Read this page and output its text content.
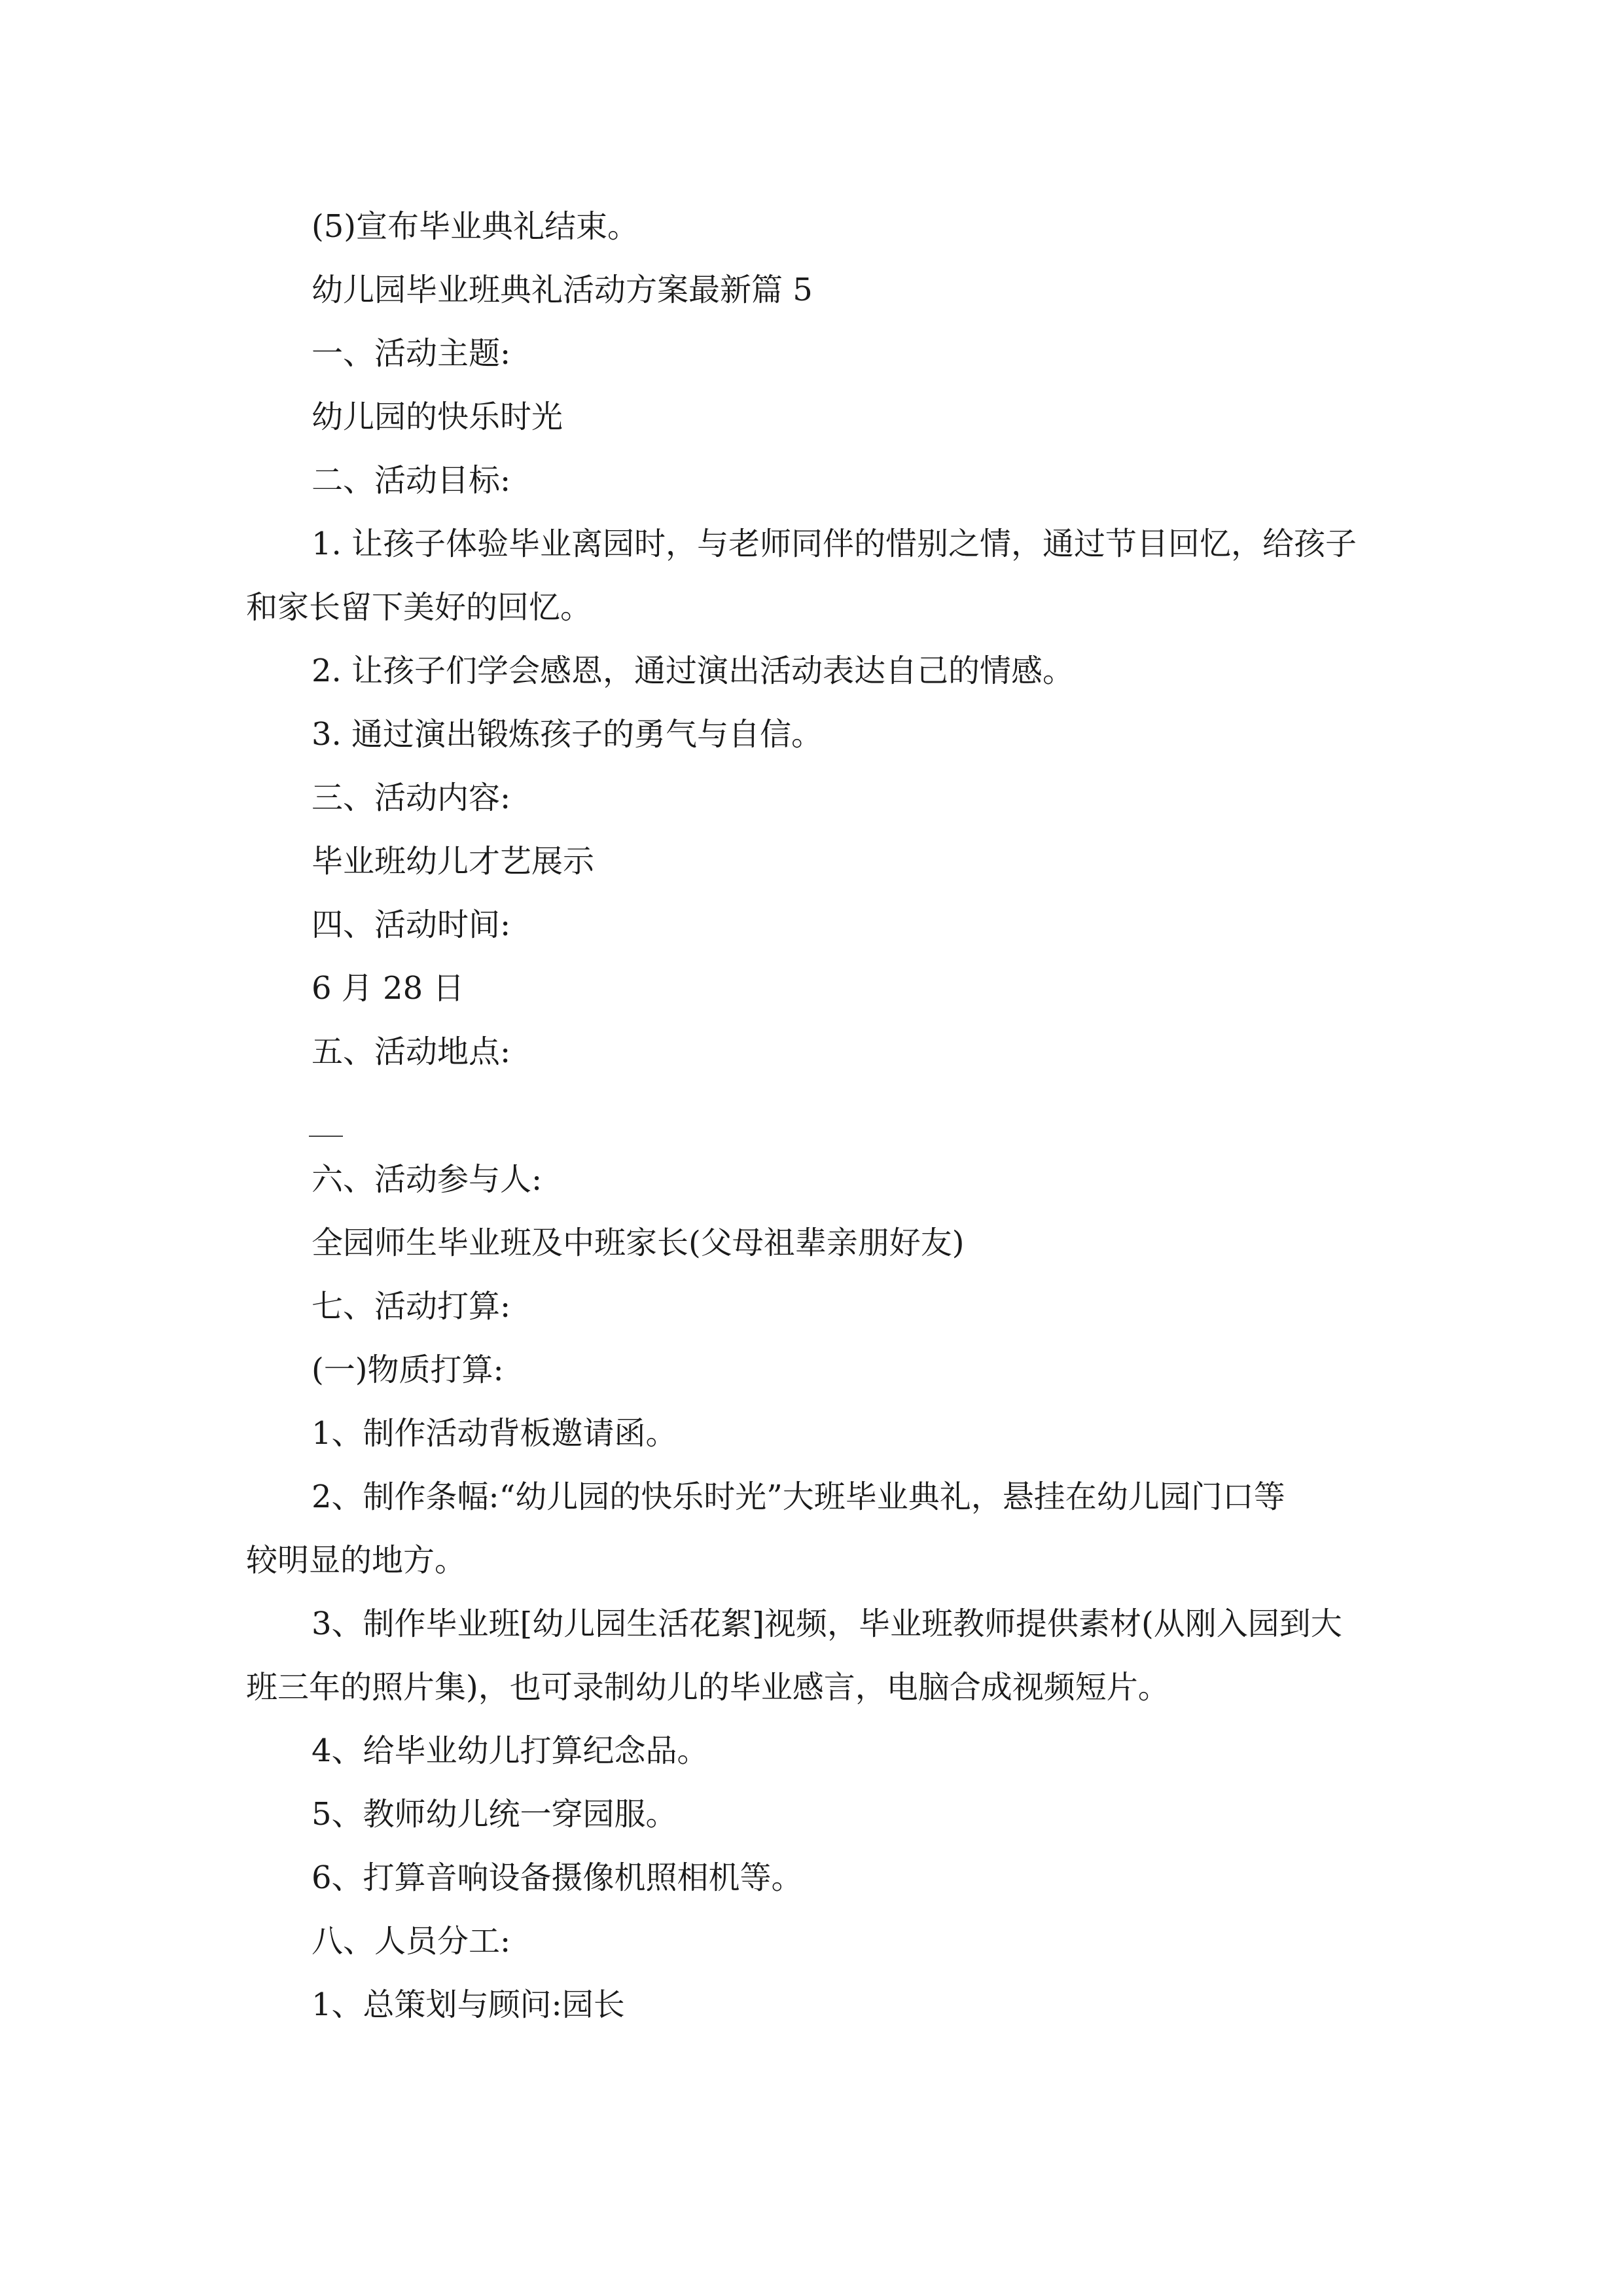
(5)宣布毕业典礼结束。

幼儿园毕业班典礼活动方案最新篇 5

一、活动主题:

幼儿园的快乐时光

二、活动目标:

1. 让孩子体验毕业离园时，与老师同伴的惜别之情，通过节目回忆，给孩子

和家长留下美好的回忆。

2. 让孩子们学会感恩，通过演出活动表达自己的情感。

3. 通过演出锻炼孩子的勇气与自信。

三、活动内容:

毕业班幼儿才艺展示

四、活动时间:

6 月 28 日

五、活动地点:

六、活动参与人:

全园师生毕业班及中班家长(父母祖辈亲朋好友)

七、活动打算:

(一)物质打算:

1、制作活动背板邀请函。

2、制作条幅:“幼儿园的快乐时光”大班毕业典礼，悬挂在幼儿园门口等

较明显的地方。

3、制作毕业班[幼儿园生活花絮]视频，毕业班教师提供素材(从刚入园到大

班三年的照片集)，也可录制幼儿的毕业感言，电脑合成视频短片。

4、给毕业幼儿打算纪念品。

5、教师幼儿统一穿园服。

6、打算音响设备摄像机照相机等。

八、人员分工:

1、总策划与顾问:园长
